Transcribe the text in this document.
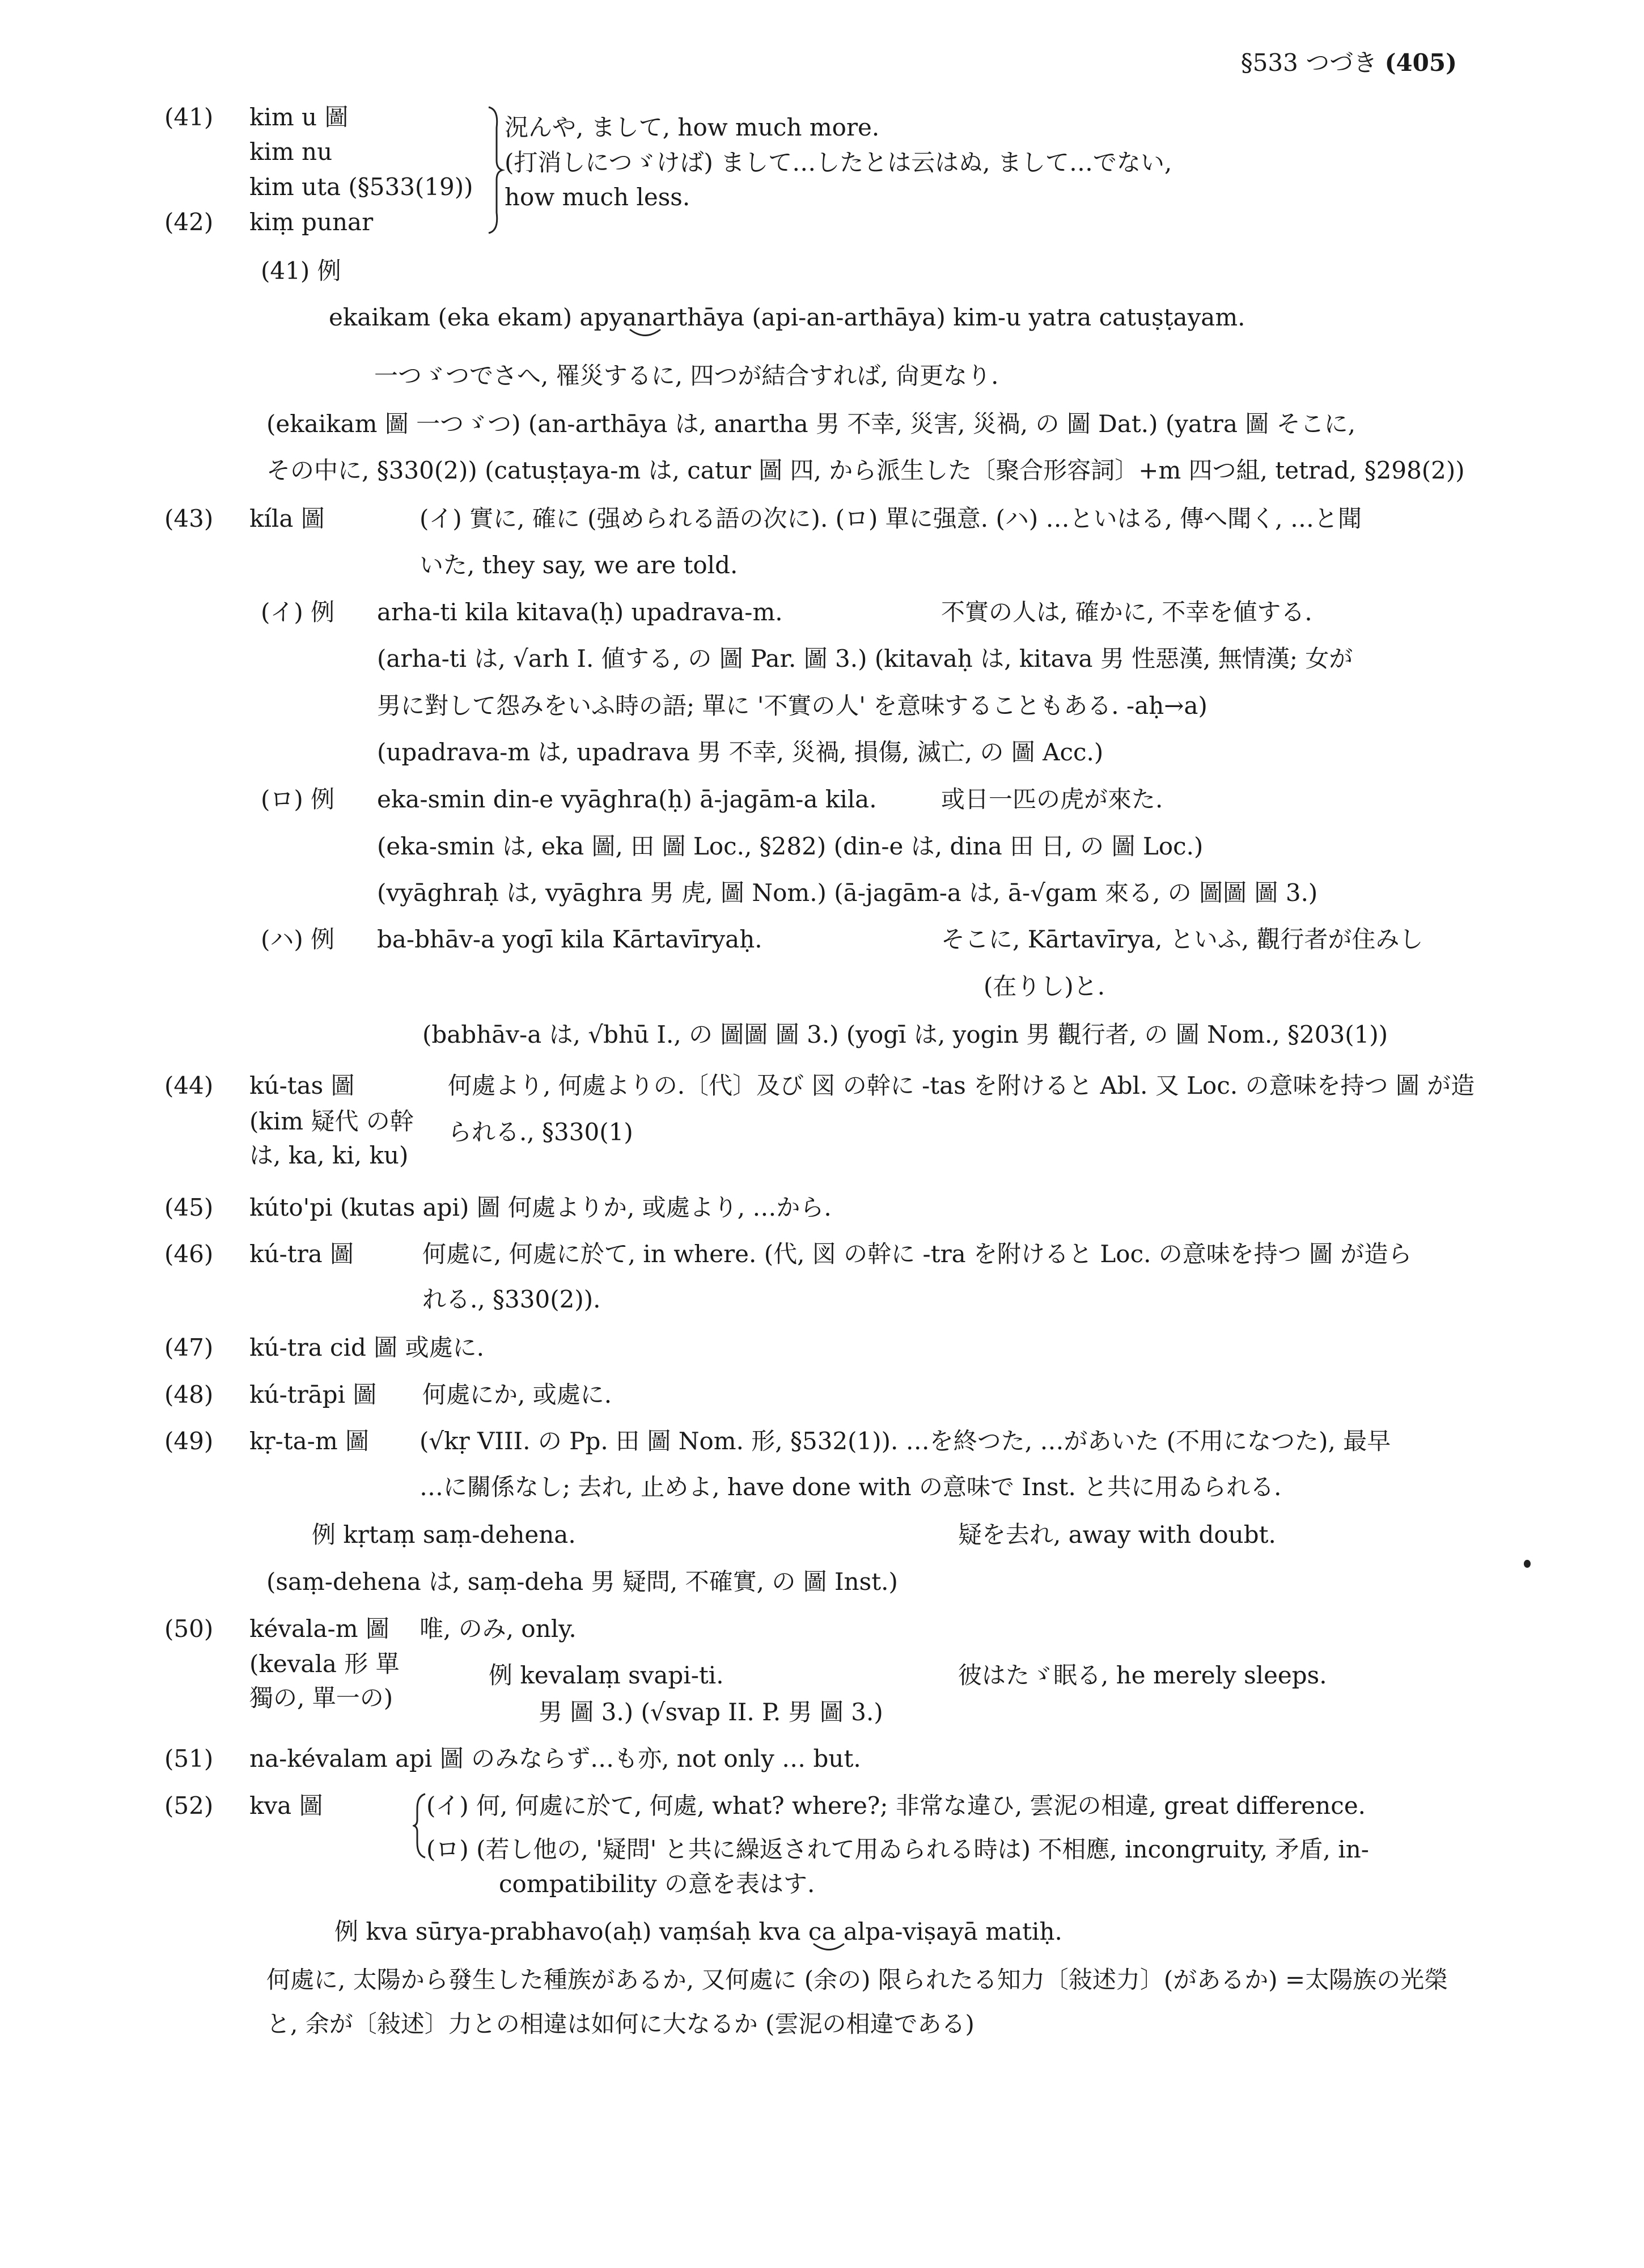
§533 つづき (405)
(41) kim u 圖
kim nu
kim uta (§533(19))
(42) kiṃ punar
況んや, まして, how much more.
(打消しにつゞけば) まして…したとは云はぬ, まして…でない,
how much less.
(41) 例
ekaikam (eka ekam) apyanarthāya (api-an-arthāya) kim-u yatra catuṣṭayam.
一つゞつでさへ, 罹災するに, 四つが結合すれば, 尙更なり.
(ekaikam 圖 一つゞつ) (an-arthāya は, anartha 男 不幸, 災害, 災禍, の 圖 Dat.) (yatra 圖 そこに,
その中に, §330(2)) (catuṣṭaya-m は, catur 圖 四, から派生した〔聚合形容詞〕+m 四つ組, tetrad, §298(2))
(43) kíla 圖	(イ) 實に, 確に (强められる語の次に). (ロ) 單に强意. (ハ) …といはる, 傳へ聞く, …と聞
いた, they say, we are told.
(イ) 例 arha-ti kila kitava(ḥ) upadrava-m.	不實の人は, 確かに, 不幸を値する.
(arha-ti は, √arh I. 値する, の 圖 Par. 圖 3.) (kitavaḥ は, kitava 男 性惡漢, 無情漢; 女が
男に對して怨みをいふ時の語; 單に '不實の人' を意味することもある. -aḥ→a)
(upadrava-m は, upadrava 男 不幸, 災禍, 損傷, 滅亡, の 圖 Acc.)
(ロ) 例 eka-smin din-e vyāghra(ḥ) ā-jagām-a kila.	或日一匹の虎が來た.
(eka-smin は, eka 圖, 田 圖 Loc., §282) (din-e は, dina 田 日, の 圖 Loc.)
(vyāghraḥ は, vyāghra 男 虎, 圖 Nom.) (ā-jagām-a は, ā-√gam 來る, の 圖圖 圖 3.)
(ハ) 例 ba-bhāv-a yogī kila Kārtavīryaḥ.	そこに, Kārtavīrya, といふ, 觀行者が住みし
(在りし)と.
(babhāv-a は, √bhū I., の 圖圖 圖 3.) (yogī は, yogin 男 觀行者, の 圖 Nom., §203(1))
(44) kú-tas 圖
(kim 疑代 の幹
は, ka, ki, ku)
何處より, 何處よりの.〔代〕及び 図 の幹に -tas を附けると Abl. 又 Loc. の意味を持つ 圖 が造
られる., §330(1)
(45) kúto'pi (kutas api) 圖 何處よりか, 或處より, …から.
(46) kú-tra 圖	何處に, 何處に於て, in where. (代, 図 の幹に -tra を附けると Loc. の意味を持つ 圖 が造ら
れる., §330(2)).
(47) kú-tra cid 圖 或處に.
(48) kú-trāpi 圖 何處にか, 或處に.
(49) kṛ-ta-m 圖 (√kṛ VIII. の Pp. 田 圖 Nom. 形, §532(1)). …を終つた, …があいた (不用になつた), 最早
…に關係なし; 去れ, 止めよ, have done with の意味で Inst. と共に用ゐられる.
例 kṛtaṃ saṃ-dehena.	疑を去れ, away with doubt.
(saṃ-dehena は, saṃ-deha 男 疑問, 不確實, の 圖 Inst.)
(50) kévala-m 圖 唯, のみ, only.
(kevala 形 單
獨の, 單一の)
例 kevalaṃ svapi-ti.	彼はたゞ眠る, he merely sleeps.
男 圖 3.) (√svap II. P. 男 圖 3.)
(51) na-kévalam api 圖 のみならず…も亦, not only … but.
(52) kva 圖	(イ) 何, 何處に於て, 何處, what? where?; 非常な違ひ, 雲泥の相違, great difference.
(ロ) (若し他の, '疑問' と共に繰返されて用ゐられる時は) 不相應, incongruity, 矛盾, in-
compatibility の意を表はす.
例 kva sūrya-prabhavo(aḥ) vaṃśaḥ kva ca alpa-viṣayā matiḥ.
何處に, 太陽から發生した種族があるか, 又何處に (余の) 限られたる知力〔敍述力〕(があるか) =太陽族の光榮
と, 余が〔敍述〕力との相違は如何に大なるか (雲泥の相違である)
